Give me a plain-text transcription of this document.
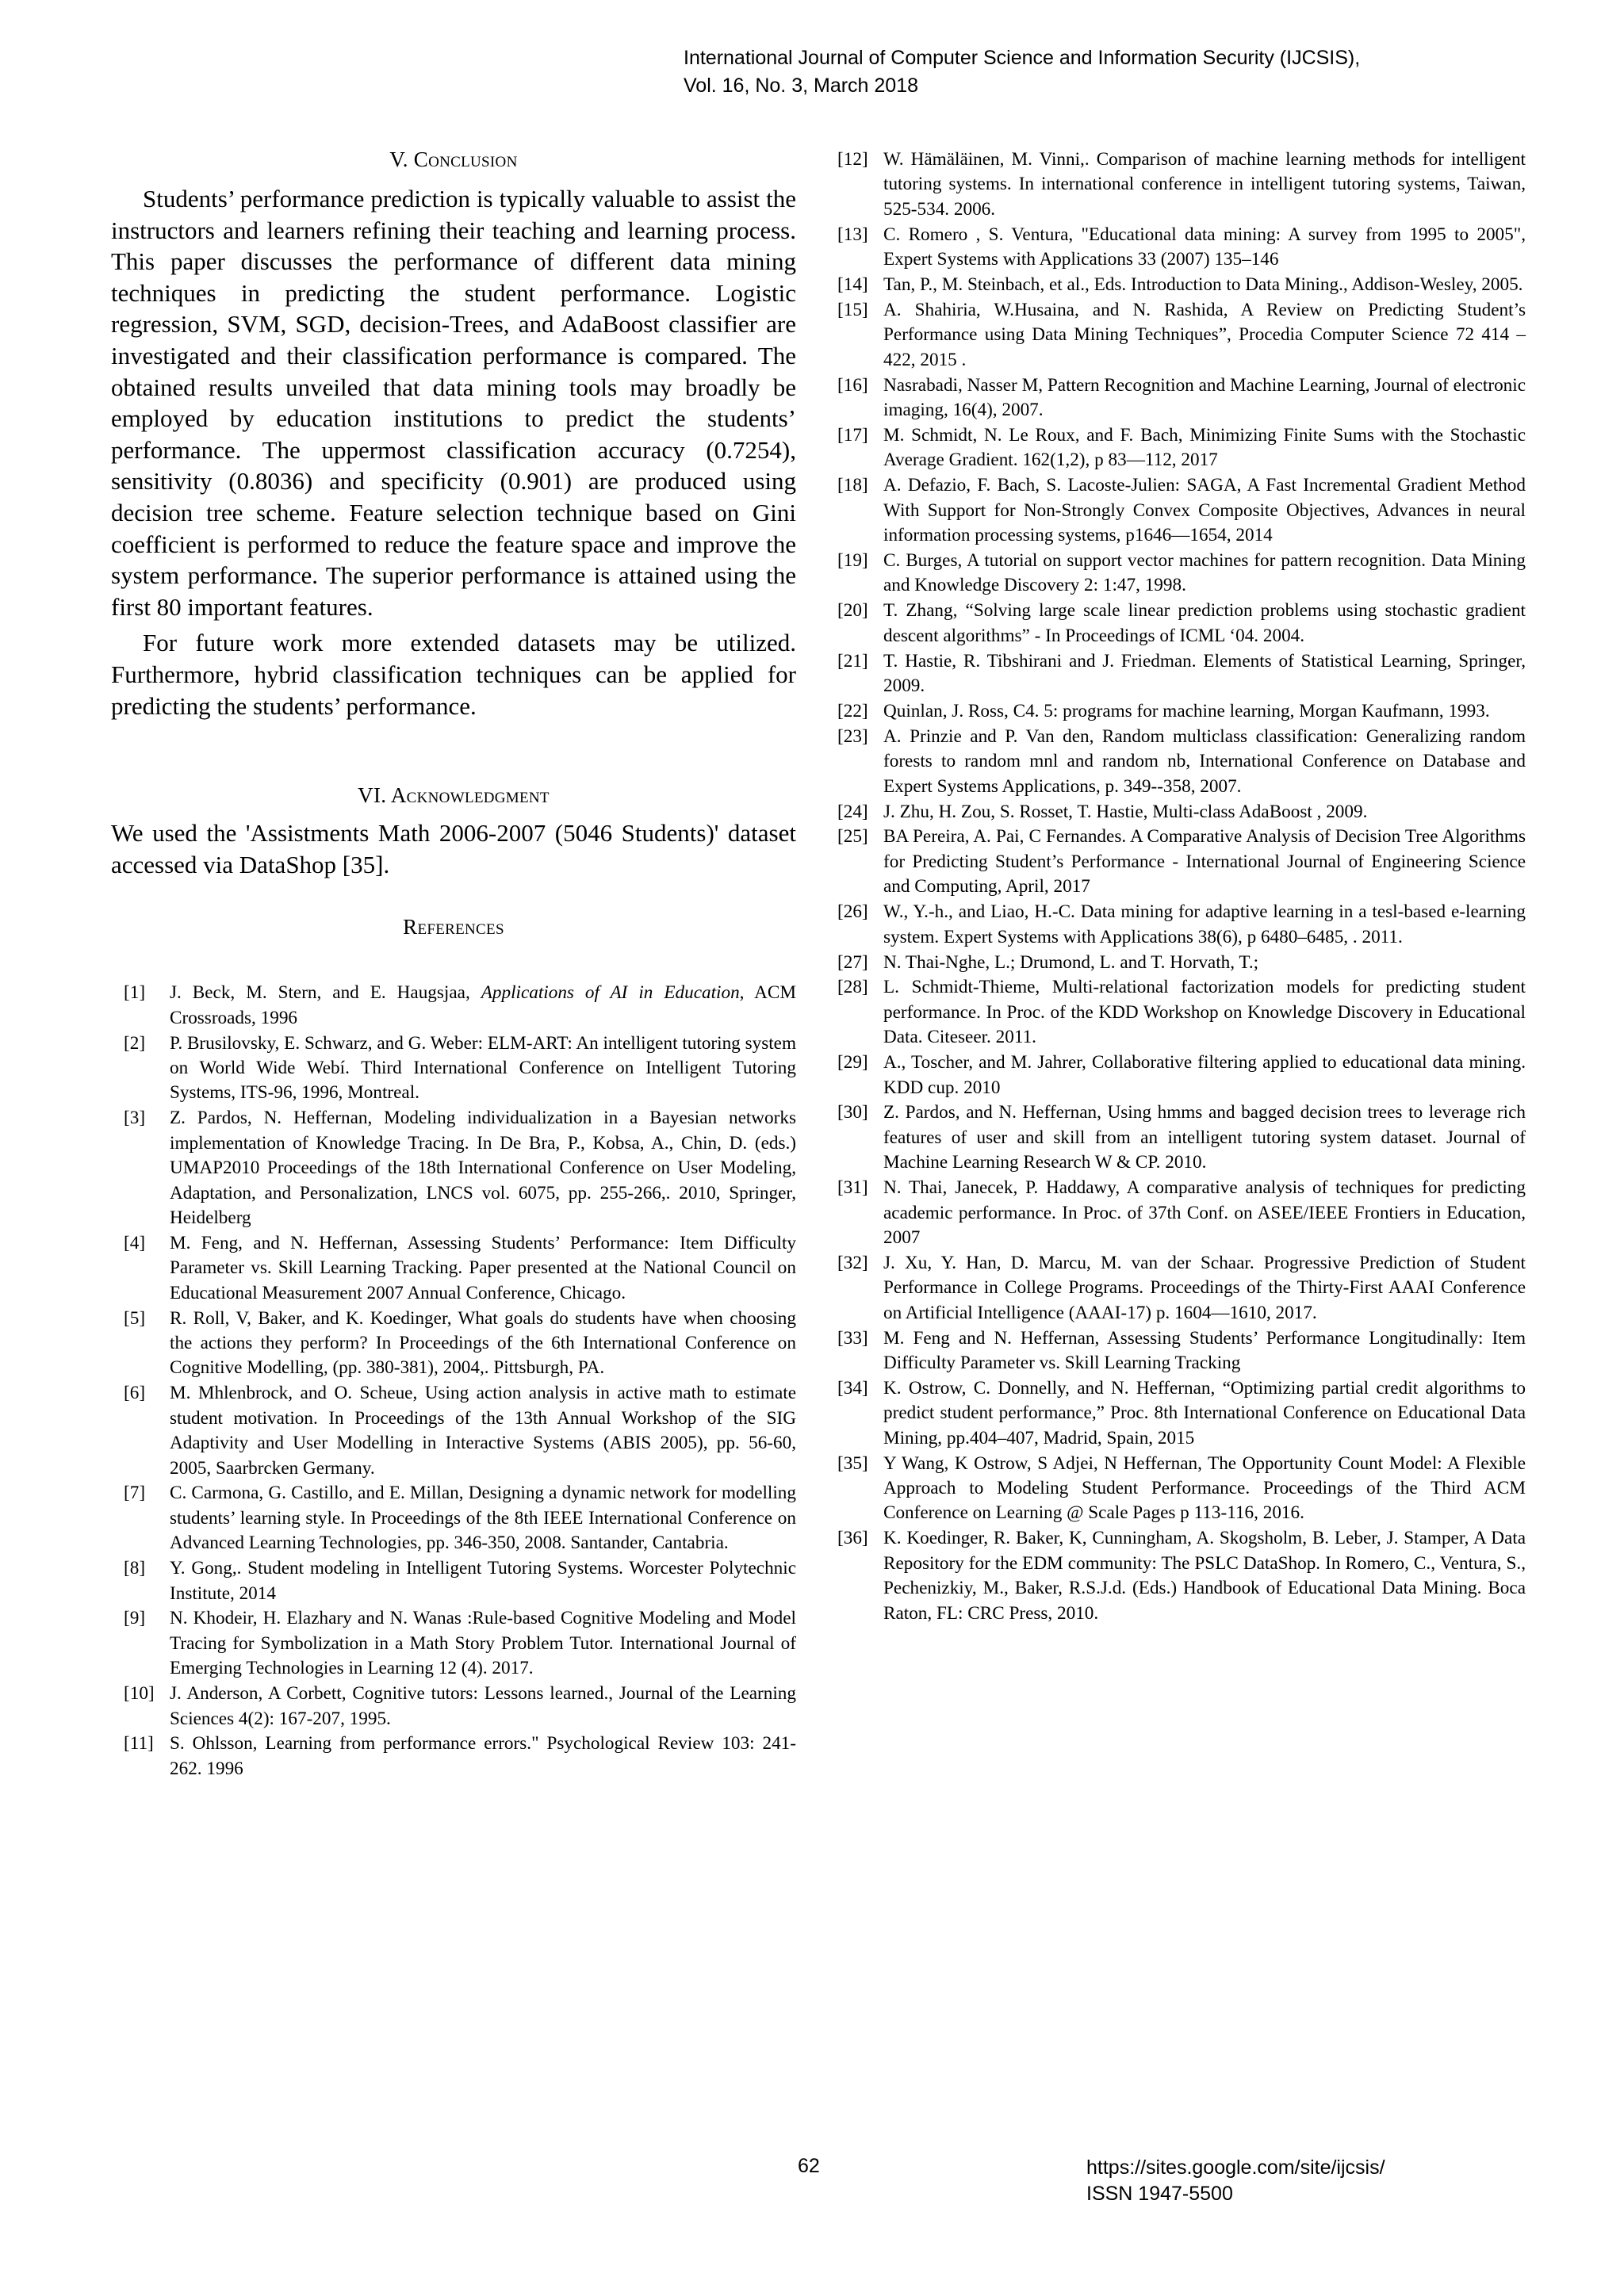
International Journal of Computer Science and Information Security (IJCSIS),
Vol. 16, No. 3, March 2018
V. Conclusion

Students’ performance prediction is typically valuable to assist the instructors and learners refining their teaching and learning process. This paper discusses the performance of different data mining techniques in predicting the student performance. Logistic regression, SVM, SGD, decision-Trees, and AdaBoost classifier are investigated and their classification performance is compared. The obtained results unveiled that data mining tools may broadly be employed by education institutions to predict the students’ performance. The uppermost classification accuracy (0.7254), sensitivity (0.8036) and specificity (0.901) are produced using decision tree scheme. Feature selection technique based on Gini coefficient is performed to reduce the feature space and improve the system performance. The superior performance is attained using the first 80 important features.

For future work more extended datasets may be utilized. Furthermore, hybrid classification techniques can be applied for predicting the students’ performance.

VI. Acknowledgment

We used the 'Assistments Math 2006-2007 (5046 Students)' dataset accessed via DataShop [35].

References
[1] J. Beck, M. Stern, and E. Haugsjaa, Applications of AI in Education, ACM Crossroads, 1996
[2] P. Brusilovsky, E. Schwarz, and G. Weber: ELM-ART: An intelligent tutoring system on World Wide Webí. Third International Conference on Intelligent Tutoring Systems, ITS-96, 1996, Montreal.
[3] Z. Pardos, N. Heffernan, Modeling individualization in a Bayesian networks implementation of Knowledge Tracing. In De Bra, P., Kobsa, A., Chin, D. (eds.) UMAP2010 Proceedings of the 18th International Conference on User Modeling, Adaptation, and Personalization, LNCS vol. 6075, pp. 255-266,. 2010, Springer, Heidelberg
[4] M. Feng, and N. Heffernan, Assessing Students’ Performance: Item Difficulty Parameter vs. Skill Learning Tracking. Paper presented at the National Council on Educational Measurement 2007 Annual Conference, Chicago.
[5] R. Roll, V, Baker, and K. Koedinger, What goals do students have when choosing the actions they perform? In Proceedings of the 6th International Conference on Cognitive Modelling, (pp. 380-381), 2004,. Pittsburgh, PA.
[6] M. Mhlenbrock, and O. Scheue, Using action analysis in active math to estimate student motivation. In Proceedings of the 13th Annual Workshop of the SIG Adaptivity and User Modelling in Interactive Systems (ABIS 2005), pp. 56-60, 2005, Saarbrcken Germany.
[7] C. Carmona, G. Castillo, and E. Millan, Designing a dynamic network for modelling students’ learning style. In Proceedings of the 8th IEEE International Conference on Advanced Learning Technologies, pp. 346-350, 2008. Santander, Cantabria.
[8] Y. Gong,. Student modeling in Intelligent Tutoring Systems. Worcester Polytechnic Institute, 2014
[9] N. Khodeir, H. Elazhary and N. Wanas :Rule-based Cognitive Modeling and Model Tracing for Symbolization in a Math Story Problem Tutor. International Journal of Emerging Technologies in Learning 12 (4). 2017.
[10] J. Anderson, A Corbett, Cognitive tutors: Lessons learned., Journal of the Learning Sciences 4(2): 167-207, 1995.
[11] S. Ohlsson, Learning from performance errors." Psychological Review 103: 241-262. 1996
[12] W. Hämäläinen, M. Vinni,. Comparison of machine learning methods for intelligent tutoring systems. In international conference in intelligent tutoring systems, Taiwan, 525-534. 2006.
[13] C. Romero , S. Ventura, "Educational data mining: A survey from 1995 to 2005", Expert Systems with Applications 33 (2007) 135–146
[14] Tan, P., M. Steinbach, et al., Eds. Introduction to Data Mining., Addison-Wesley, 2005.
[15] A. Shahiria, W.Husaina, and N. Rashida, A Review on Predicting Student’s Performance using Data Mining Techniques”, Procedia Computer Science 72 414 – 422, 2015 .
[16] Nasrabadi, Nasser M, Pattern Recognition and Machine Learning, Journal of electronic imaging, 16(4), 2007.
[17] M. Schmidt, N. Le Roux, and F. Bach, Minimizing Finite Sums with the Stochastic Average Gradient. 162(1,2), p 83—112, 2017
[18] A. Defazio, F. Bach, S. Lacoste-Julien: SAGA, A Fast Incremental Gradient Method With Support for Non-Strongly Convex Composite Objectives, Advances in neural information processing systems, p1646—1654, 2014
[19] C. Burges, A tutorial on support vector machines for pattern recognition. Data Mining and Knowledge Discovery 2: 1:47, 1998.
[20] T. Zhang, “Solving large scale linear prediction problems using stochastic gradient descent algorithms” - In Proceedings of ICML ‘04. 2004.
[21] T. Hastie, R. Tibshirani and J. Friedman. Elements of Statistical Learning, Springer, 2009.
[22] Quinlan, J. Ross, C4. 5: programs for machine learning, Morgan Kaufmann, 1993.
[23] A. Prinzie and P. Van den, Random multiclass classification: Generalizing random forests to random mnl and random nb, International Conference on Database and Expert Systems Applications, p. 349--358, 2007.
[24] J. Zhu, H. Zou, S. Rosset, T. Hastie, Multi-class AdaBoost , 2009.
[25] BA Pereira, A. Pai, C Fernandes. A Comparative Analysis of Decision Tree Algorithms for Predicting Student’s Performance - International Journal of Engineering Science and Computing, April, 2017
[26] W., Y.-h., and Liao, H.-C. Data mining for adaptive learning in a tesl-based e-learning system. Expert Systems with Applications 38(6), p 6480–6485, . 2011.
[27] N. Thai-Nghe, L.; Drumond, L. and T. Horvath, T.;
[28] L. Schmidt-Thieme, Multi-relational factorization models for predicting student performance. In Proc. of the KDD Workshop on Knowledge Discovery in Educational Data. Citeseer. 2011.
[29] A., Toscher, and M. Jahrer, Collaborative filtering applied to educational data mining. KDD cup. 2010
[30] Z. Pardos, and N. Heffernan, Using hmms and bagged decision trees to leverage rich features of user and skill from an intelligent tutoring system dataset. Journal of Machine Learning Research W & CP. 2010.
[31] N. Thai, Janecek, P. Haddawy, A comparative analysis of techniques for predicting academic performance. In Proc. of 37th Conf. on ASEE/IEEE Frontiers in Education, 2007
[32] J. Xu, Y. Han, D. Marcu, M. van der Schaar. Progressive Prediction of Student Performance in College Programs. Proceedings of the Thirty-First AAAI Conference on Artificial Intelligence (AAAI-17) p. 1604—1610, 2017.
[33] M. Feng and N. Heffernan, Assessing Students’ Performance Longitudinally: Item Difficulty Parameter vs. Skill Learning Tracking
[34] K. Ostrow, C. Donnelly, and N. Heffernan, “Optimizing partial credit algorithms to predict student performance,” Proc. 8th International Conference on Educational Data Mining, pp.404–407, Madrid, Spain, 2015
[35] Y Wang, K Ostrow, S Adjei, N Heffernan, The Opportunity Count Model: A Flexible Approach to Modeling Student Performance. Proceedings of the Third ACM Conference on Learning @ Scale Pages p 113-116, 2016.
[36] K. Koedinger, R. Baker, K, Cunningham, A. Skogsholm, B. Leber, J. Stamper, A Data Repository for the EDM community: The PSLC DataShop. In Romero, C., Ventura, S., Pechenizkiy, M., Baker, R.S.J.d. (Eds.) Handbook of Educational Data Mining. Boca Raton, FL: CRC Press, 2010.
62	https://sites.google.com/site/ijcsis/
ISSN 1947-5500
